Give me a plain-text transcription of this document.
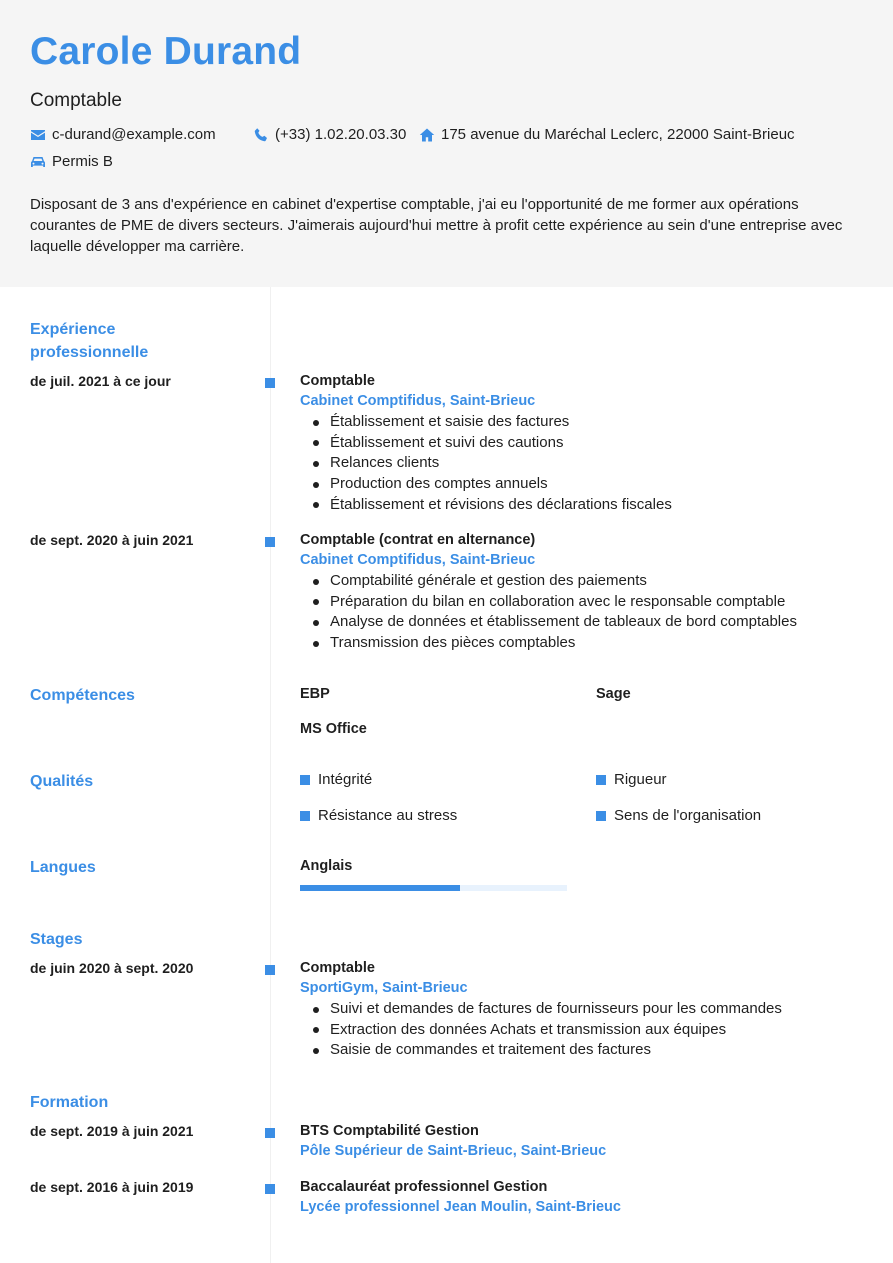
Carole Durand
Comptable
c-durand@example.com	(+33) 1.02.20.03.30 175 avenue du Maréchal Leclerc, 22000 Saint-Brieuc
Permis B
Disposant de 3 ans d'expérience en cabinet d'expertise comptable, j'ai eu l'opportunité de me former aux opérations courantes de PME de divers secteurs. J'aimerais aujourd'hui mettre à profit cette expérience au sein d'une entreprise avec laquelle développer ma carrière.
Expérience professionnelle
de juil. 2021 à ce jour	Comptable
Cabinet Comptifidus, Saint-Brieuc
Établissement et saisie des factures
Établissement et suivi des cautions
Relances clients
Production des comptes annuels
Établissement et révisions des déclarations fiscales
de sept. 2020 à juin 2021	Comptable (contrat en alternance)
Cabinet Comptifidus, Saint-Brieuc
Comptabilité générale et gestion des paiements
Préparation du bilan en collaboration avec le responsable comptable
Analyse de données et établissement de tableaux de bord comptables
Transmission des pièces comptables
Compétences	EBP	Sage
MS Office
Qualités	Intégrité	Rigueur
Résistance au stress	Sens de l'organisation
Langues	Anglais
Stages
de juin 2020 à sept. 2020	Comptable
SportiGym, Saint-Brieuc
Suivi et demandes de factures de fournisseurs pour les commandes
Extraction des données Achats et transmission aux équipes
Saisie de commandes et traitement des factures
Formation
de sept. 2019 à juin 2021	BTS Comptabilité Gestion
Pôle Supérieur de Saint-Brieuc, Saint-Brieuc
de sept. 2016 à juin 2019	Baccalauréat professionnel Gestion
Lycée professionnel Jean Moulin, Saint-Brieuc
